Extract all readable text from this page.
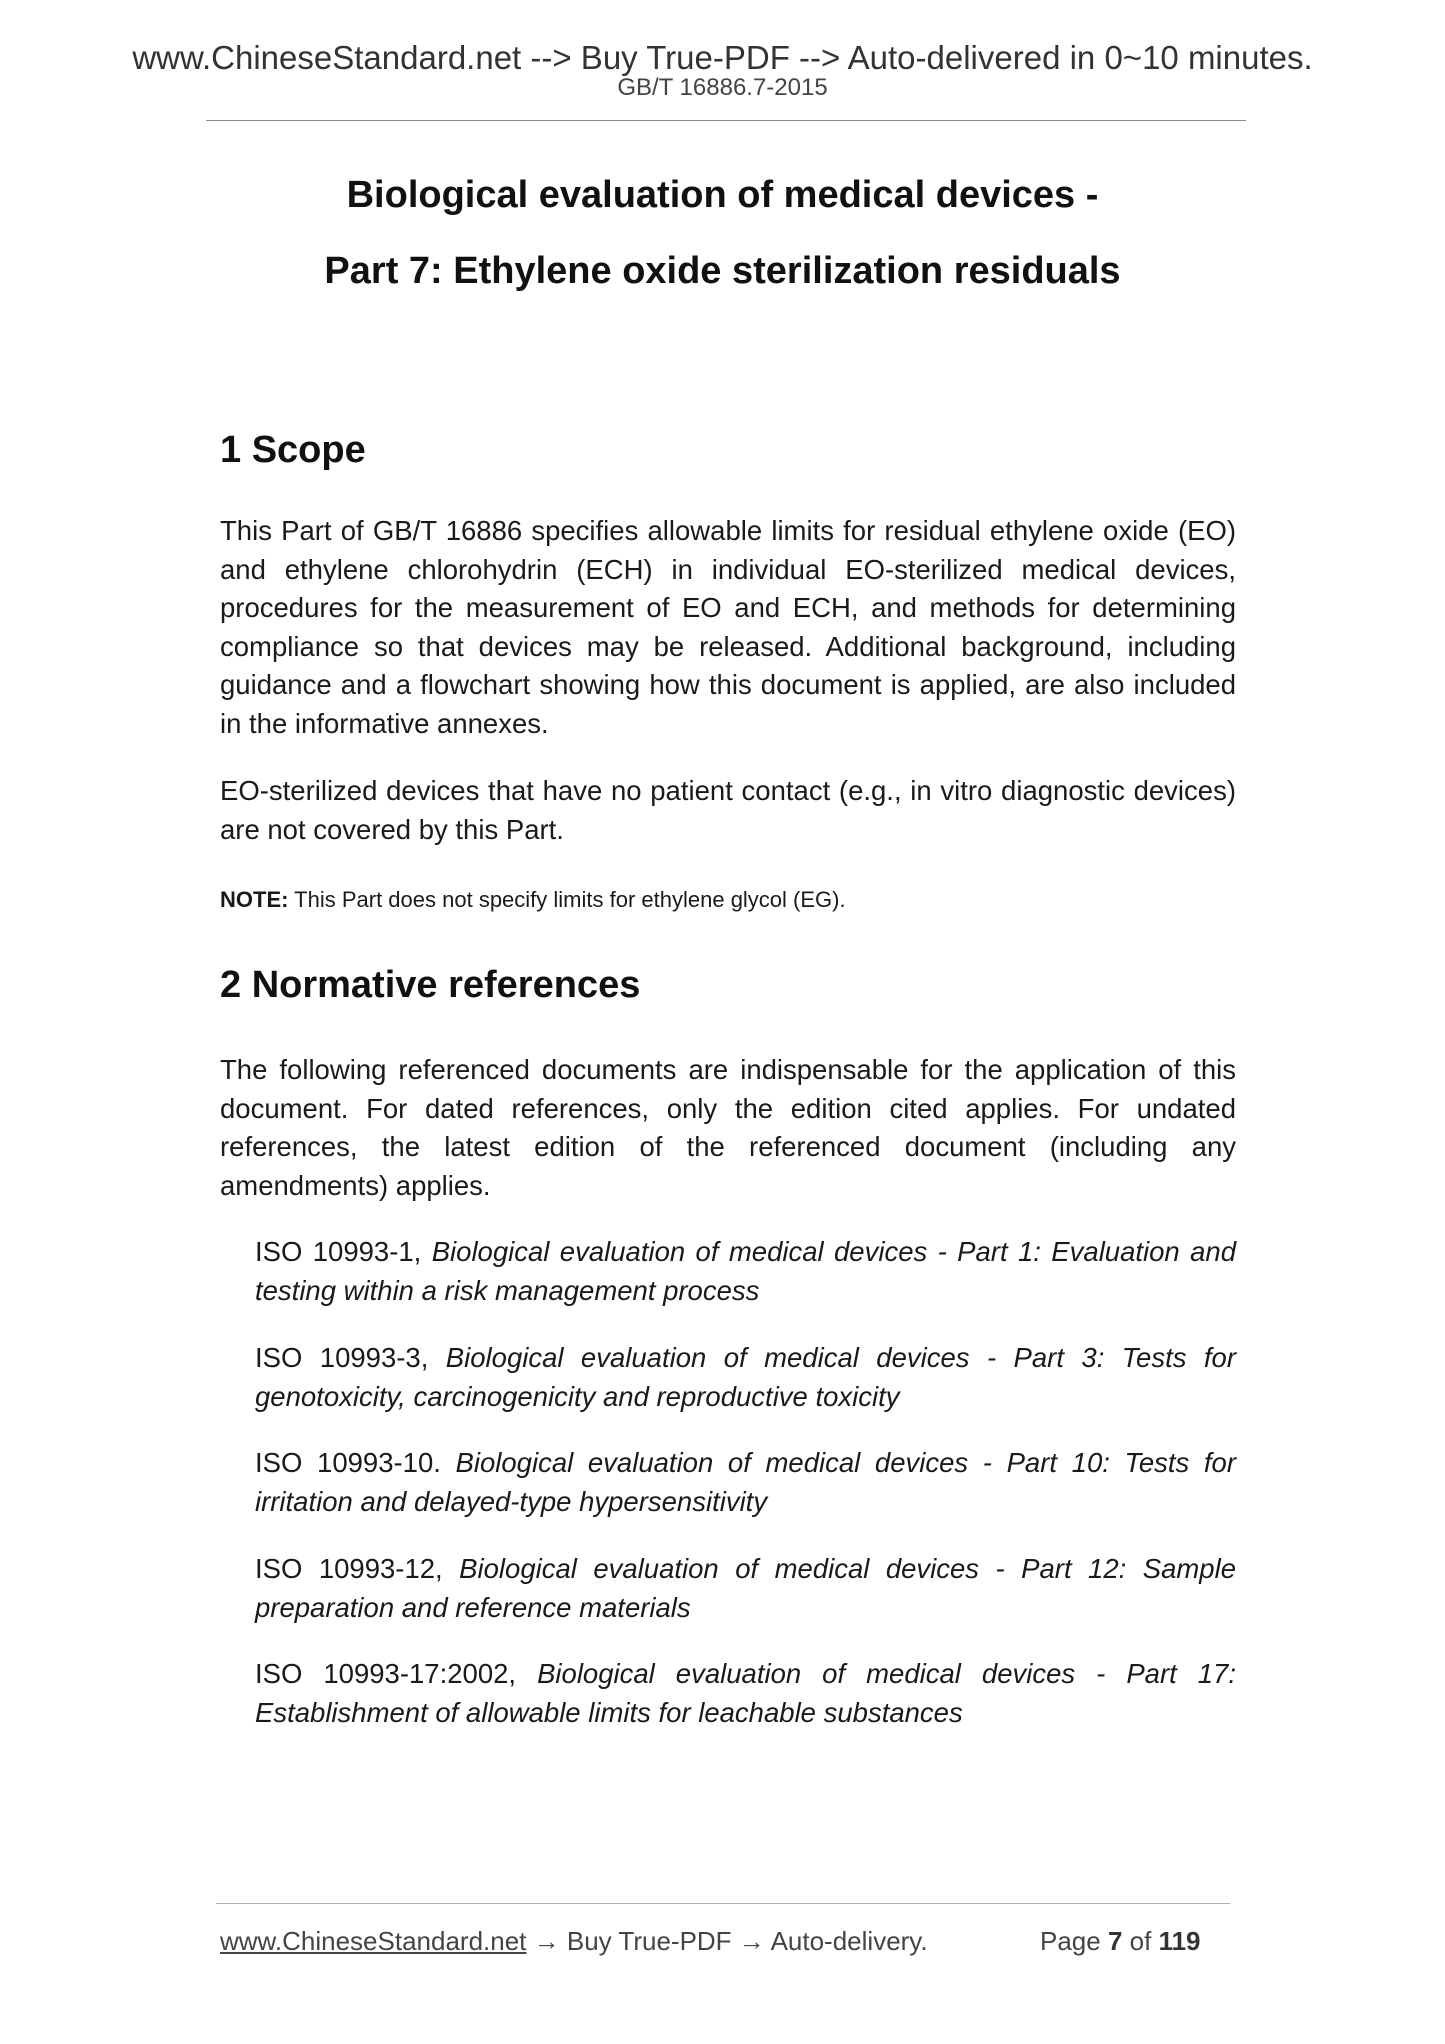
www.ChineseStandard.net --> Buy True-PDF --> Auto-delivered in 0~10 minutes.
GB/T 16886.7-2015
Biological evaluation of medical devices -
Part 7: Ethylene oxide sterilization residuals
1 Scope
This Part of GB/T 16886 specifies allowable limits for residual ethylene oxide (EO) and ethylene chlorohydrin (ECH) in individual EO-sterilized medical devices, procedures for the measurement of EO and ECH, and methods for determining compliance so that devices may be released. Additional background, including guidance and a flowchart showing how this document is applied, are also included in the informative annexes.
EO-sterilized devices that have no patient contact (e.g., in vitro diagnostic devices) are not covered by this Part.
NOTE: This Part does not specify limits for ethylene glycol (EG).
2 Normative references
The following referenced documents are indispensable for the application of this document. For dated references, only the edition cited applies. For undated references, the latest edition of the referenced document (including any amendments) applies.
ISO 10993-1, Biological evaluation of medical devices - Part 1: Evaluation and testing within a risk management process
ISO 10993-3, Biological evaluation of medical devices - Part 3: Tests for genotoxicity, carcinogenicity and reproductive toxicity
ISO 10993-10. Biological evaluation of medical devices - Part 10: Tests for irritation and delayed-type hypersensitivity
ISO 10993-12, Biological evaluation of medical devices - Part 12: Sample preparation and reference materials
ISO 10993-17:2002, Biological evaluation of medical devices - Part 17: Establishment of allowable limits for leachable substances
www.ChineseStandard.net → Buy True-PDF → Auto-delivery.	Page 7 of 119
